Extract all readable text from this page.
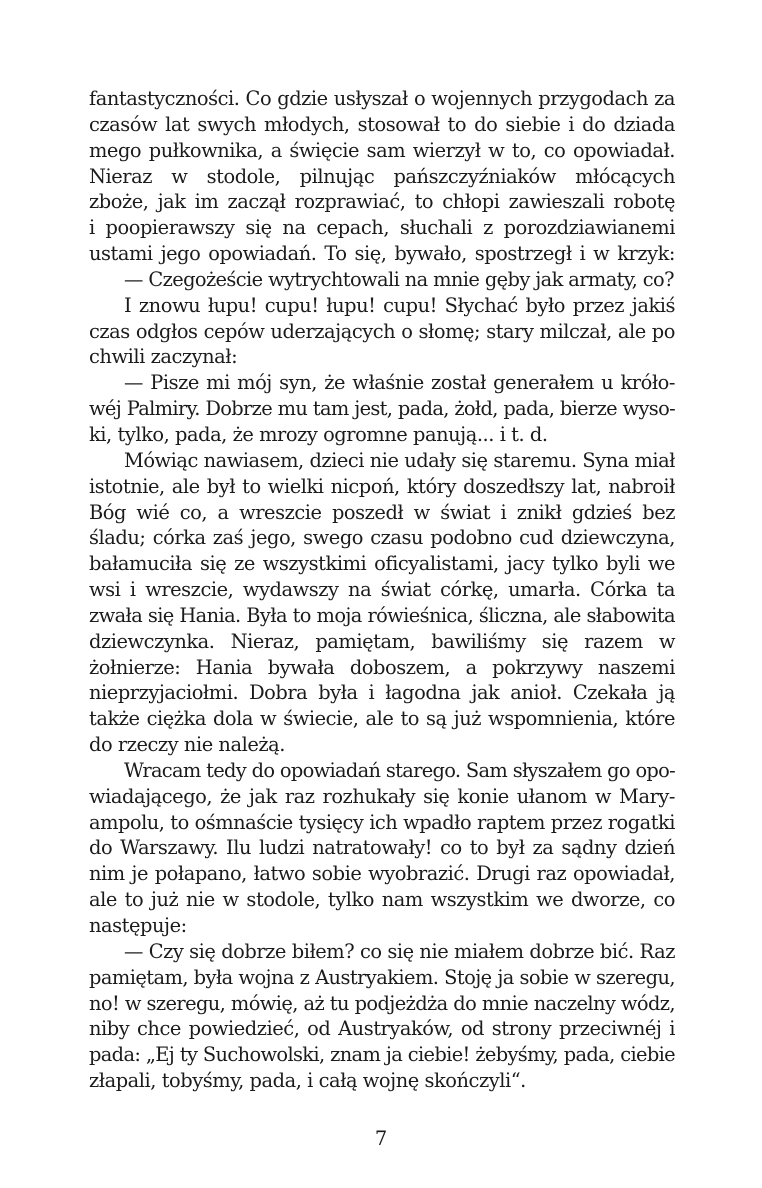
fantastyczności. Co gdzie usłyszał o wojennych przygodach za
czasów lat swych młodych, stosował to do siebie i do dziada
mego pułkownika, a święcie sam wierzył w to, co opowiadał.
Nieraz w stodole, pilnując pańszczyźniaków młócących
zboże, jak im zaczął rozprawiać, to chłopi zawieszali robotę
i poopierawszy się na cepach, słuchali z porozdziawianemi
ustami jego opowiadań. To się, bywało, spostrzegł i w krzyk:
— Czegożeście wytrychtowali na mnie gęby jak armaty, co?
I znowu łupu! cupu! łupu! cupu! Słychać było przez jakiś
czas odgłos cepów uderzających o słomę; stary milczał, ale po
chwili zaczynał:
— Pisze mi mój syn, że właśnie został generałem u króło-
wéj Palmiry. Dobrze mu tam jest, pada, żołd, pada, bierze wyso-
ki, tylko, pada, że mrozy ogromne panują... i t. d.
Mówiąc nawiasem, dzieci nie udały się staremu. Syna miał
istotnie, ale był to wielki nicpoń, który doszedłszy lat, nabroił
Bóg wié co, a wreszcie poszedł w świat i znikł gdzieś bez
śladu; córka zaś jego, swego czasu podobno cud dziewczyna,
bałamuciła się ze wszystkimi oficyalistami, jacy tylko byli we
wsi i wreszcie, wydawszy na świat córkę, umarła. Córka ta
zwała się Hania. Była to moja rówieśnica, śliczna, ale słabowita
dziewczynka. Nieraz, pamiętam, bawiliśmy się razem w
żołnierze: Hania bywała doboszem, a pokrzywy naszemi
nieprzyjaciołmi. Dobra była i łagodna jak anioł. Czekała ją
także ciężka dola w świecie, ale to są już wspomnienia, które
do rzeczy nie należą.
Wracam tedy do opowiadań starego. Sam słyszałem go opo-
wiadającego, że jak raz rozhukały się konie ułanom w Mary-
ampolu, to ośmnaście tysięcy ich wpadło raptem przez rogatki
do Warszawy. Ilu ludzi natratowały! co to był za sądny dzień
nim je połapano, łatwo sobie wyobrazić. Drugi raz opowiadał,
ale to już nie w stodole, tylko nam wszystkim we dworze, co
następuje:
— Czy się dobrze biłem? co się nie miałem dobrze bić. Raz
pamiętam, była wojna z Austryakiem. Stoję ja sobie w szeregu,
no! w szeregu, mówię, aż tu podjeżdża do mnie naczelny wódz,
niby chce powiedzieć, od Austryaków, od strony przeciwnéj i
pada: „Ej ty Suchowolski, znam ja ciebie! żebyśmy, pada, ciebie
złapali, tobyśmy, pada, i całą wojnę skończyli“.
7
